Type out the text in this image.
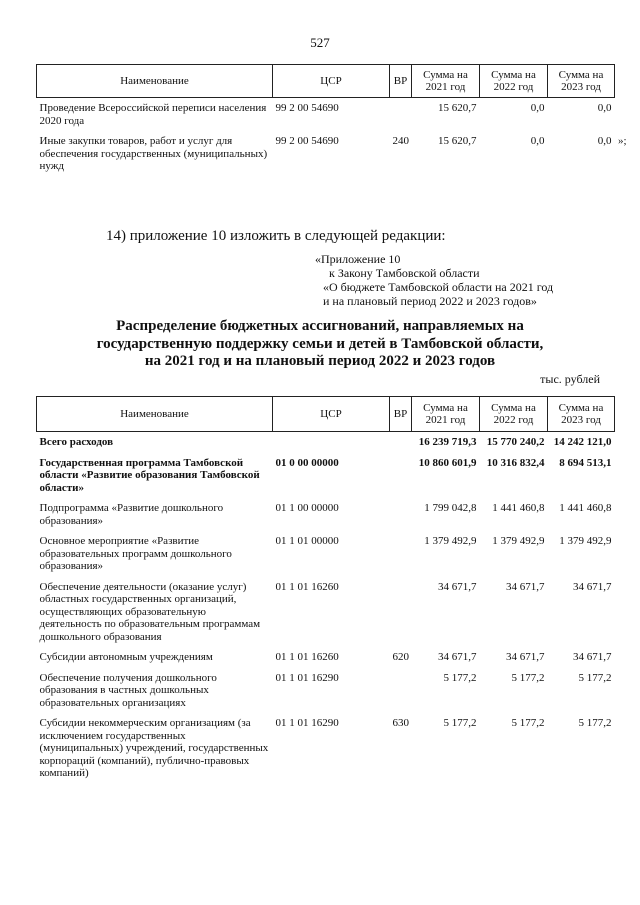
527
Наименование	ЦСР	ВР	Сумма на 2021 год	Сумма на 2022 год	Сумма на 2023 год
Проведение Всероссийской переписи населения 2020 года	99 2 00 54690		15 620,7	0,0	0,0
Иные закупки товаров, работ и услуг для обеспечения государственных (муниципальных) нужд	99 2 00 54690	240	15 620,7	0,0	0,0 »;
14) приложение 10 изложить в следующей редакции:
«Приложение 10
к Закону Тамбовской области
«О бюджете Тамбовской области на 2021 год
и на плановый период 2022 и 2023 годов»
Распределение бюджетных ассигнований, направляемых на
государственную поддержку семьи и детей в Тамбовской области,
на 2021 год и на плановый период 2022 и 2023 годов
тыс. рублей
Наименование	ЦСР	ВР	Сумма на 2021 год	Сумма на 2022 год	Сумма на 2023 год
Всего расходов			16 239 719,3	15 770 240,2	14 242 121,0
Государственная программа Тамбовской области «Развитие образования Тамбовской области»	01 0 00 00000		10 860 601,9	10 316 832,4	8 694 513,1
Подпрограмма «Развитие дошкольного образования»	01 1 00 00000		1 799 042,8	1 441 460,8	1 441 460,8
Основное мероприятие «Развитие образовательных программ дошкольного образования»	01 1 01 00000		1 379 492,9	1 379 492,9	1 379 492,9
Обеспечение деятельности (оказание услуг) областных государственных организаций, осуществляющих образовательную деятельность по образовательным программам дошкольного образования	01 1 01 16260		34 671,7	34 671,7	34 671,7
Субсидии автономным учреждениям	01 1 01 16260	620	34 671,7	34 671,7	34 671,7
Обеспечение получения дошкольного образования в частных дошкольных образовательных организациях	01 1 01 16290		5 177,2	5 177,2	5 177,2
Субсидии некоммерческим организациям (за исключением государственных (муниципальных) учреждений, государственных корпораций (компаний), публично-правовых компаний)	01 1 01 16290	630	5 177,2	5 177,2	5 177,2
